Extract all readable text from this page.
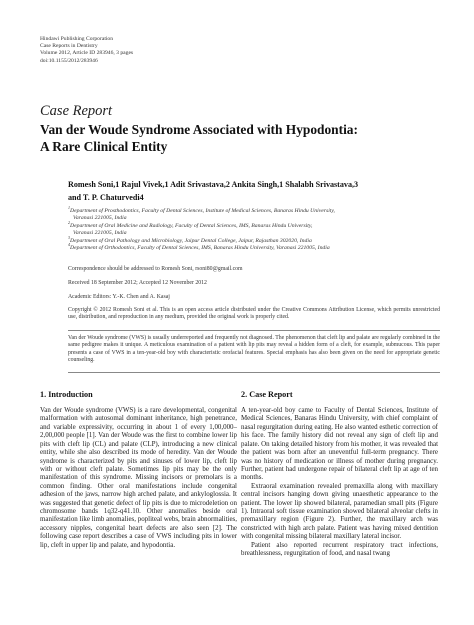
Hindawi Publishing Corporation
Case Reports in Dentistry
Volume 2012, Article ID 283946, 3 pages
doi:10.1155/2012/283946
Case Report
Van der Woude Syndrome Associated with Hypodontia:
A Rare Clinical Entity
Romesh Soni,1 Rajul Vivek,1 Adit Srivastava,2 Ankita Singh,1 Shalabh Srivastava,3
and T. P. Chaturvedi4
$^1$Department of Prosthodontics, Faculty of Dental Sciences, Institute of Medical Sciences, Banaras Hindu University,
Varanasi 221005, India
$^2$Department of Oral Medicine and Radiology, Faculty of Dental Sciences, IMS, Banaras Hindu University,
Varanasi 221005, India
$^3$Department of Oral Pathology and Microbiology, Jaipur Dental College, Jaipur, Rajasthan 302020, India
$^4$Department of Orthodontics, Faculty of Dental Sciences, IMS, Banaras Hindu University, Varanasi 221005, India
Correspondence should be addressed to Romesh Soni, rsoni80@gmail.com
Received 18 September 2012; Accepted 12 November 2012
Academic Editors: Y.-K. Chen and A. Kasaj
Copyright © 2012 Romesh Soni et al. This is an open access article distributed under the Creative Commons Attribution License, which permits unrestricted use, distribution, and reproduction in any medium, provided the original work is properly cited.
Van der Woude syndrome (VWS) is usually underreported and frequently not diagnosed. The phenomenon that cleft lip and palate are regularly combined in the same pedigree makes it unique. A meticulous examination of a patient with lip pits may reveal a hidden form of a cleft, for example, submucous. This paper presents a case of VWS in a ten-year-old boy with characteristic orofacial features. Special emphasis has also been given on the need for appropriate genetic counseling.
1. Introduction

Van der Woude syndrome (VWS) is a rare developmental, congenital malformation with autosomal dominant inheritance, high penetrance, and variable expressivity, occurring in about 1 of every 1,00,000–2,00,000 people [1]. Van der Woude was the first to combine lower lip pits with cleft lip (CL) and palate (CLP), introducing a new clinical entity, while she also described its mode of heredity. Van der Woude syndrome is characterized by pits and sinuses of lower lip, cleft lip with or without cleft palate. Sometimes lip pits may be the only manifestation of this syndrome. Missing incisors or premolars is a common finding. Other oral manifestations include congenital adhesion of the jaws, narrow high arched palate, and ankyloglossia. It was suggested that genetic defect of lip pits is due to microdeletion on chromosome bands 1q32-q41.10. Other anomalies beside oral manifestation like limb anomalies, popliteal webs, brain abnormalities, accessory nipples, congenital heart defects are also seen [2]. The following case report describes a case of VWS including pits in lower lip, cleft in upper lip and palate, and hypodontia.

2. Case Report

A ten-year-old boy came to Faculty of Dental Sciences, Institute of Medical Sciences, Banaras Hindu University, with chief complaint of nasal regurgitation during eating. He also wanted esthetic correction of his face. The family history did not reveal any sign of cleft lip and palate. On taking detailed history from his mother, it was revealed that the patient was born after an uneventful full-term pregnancy. There was no history of medication or illness of mother during pregnancy. Further, patient had undergone repair of bilateral cleft lip at age of ten months.

Extraoral examination revealed premaxilla along with maxillary central incisors hanging down giving unaesthetic appearance to the patient. The lower lip showed bilateral, paramedian small pits (Figure 1). Intraoral soft tissue examination showed bilateral alveolar clefts in premaxillary region (Figure 2). Further, the maxillary arch was constricted with high arch palate. Patient was having mixed dentition with congenital missing bilateral maxillary lateral incisor.

Patient also reported recurrent respiratory tract infections, breathlessness, regurgitation of food, and nasal twang
